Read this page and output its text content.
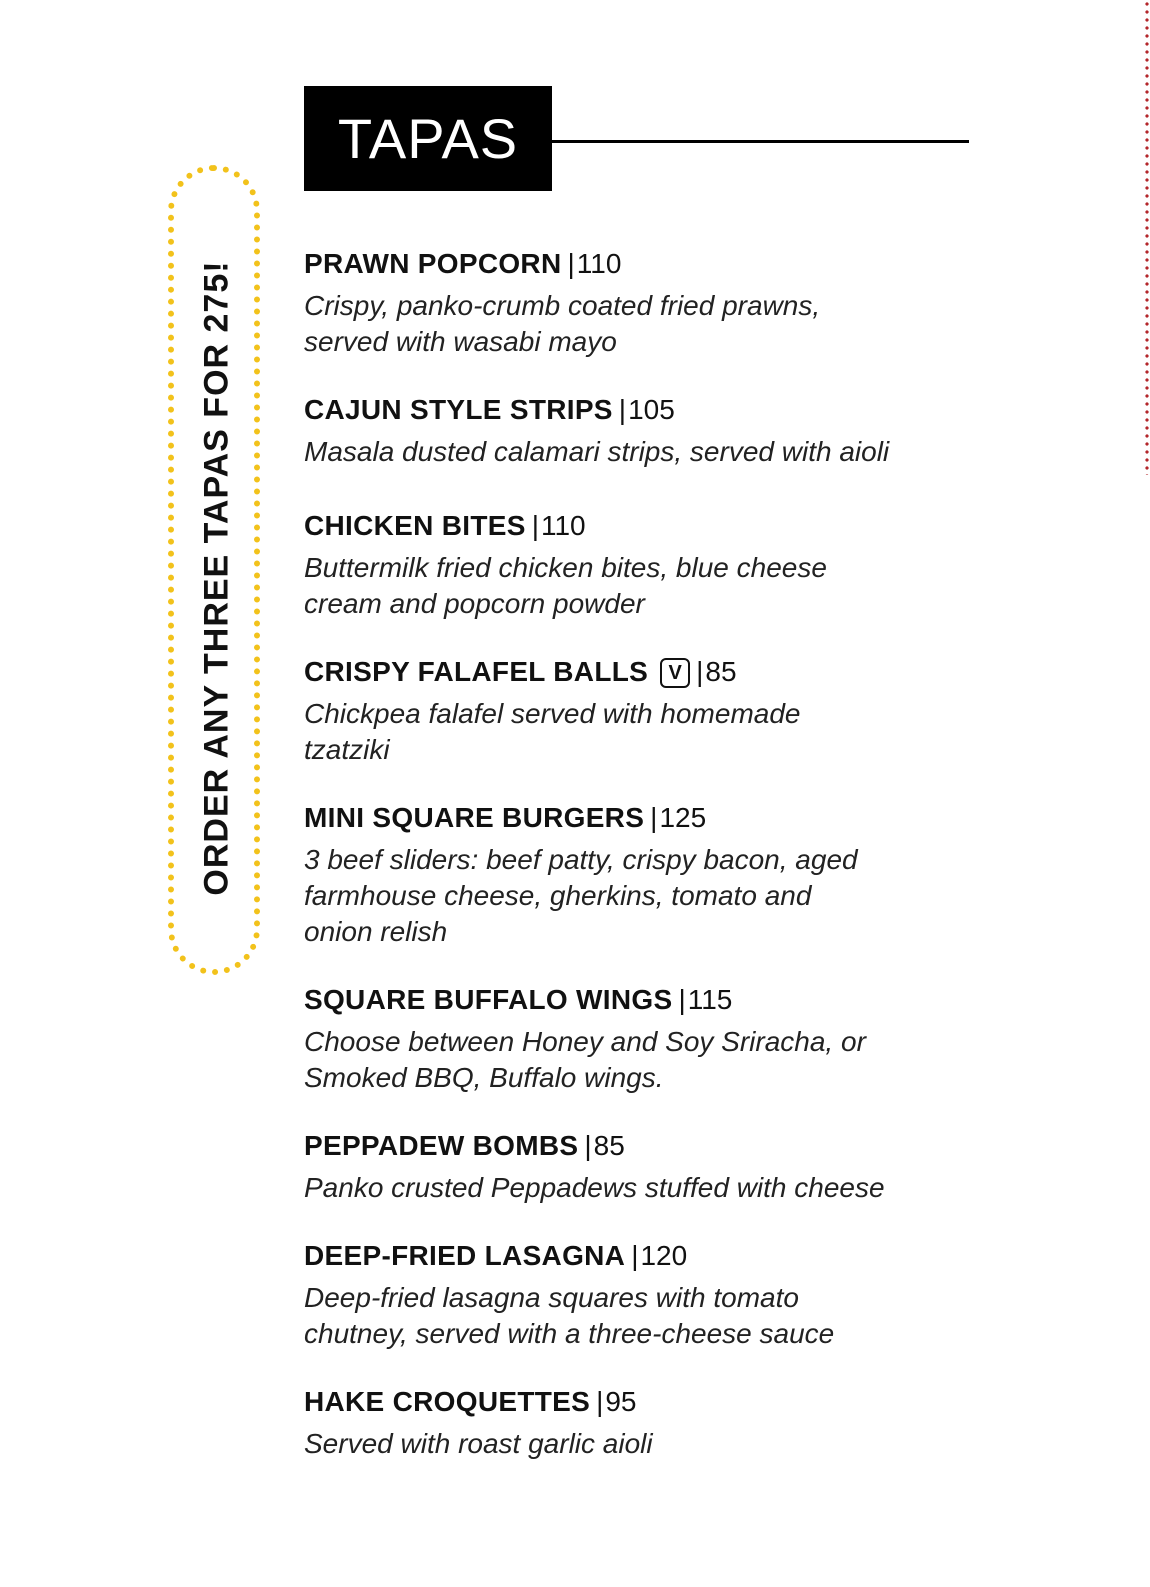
ORDER ANY THREE TAPAS FOR 275!
TAPAS
PRAWN POPCORN |110
Crispy, panko-crumb coated fried prawns,
served with wasabi mayo
CAJUN STYLE STRIPS |105
Masala dusted calamari strips, served with aioli
CHICKEN BITES |110
Buttermilk fried chicken bites, blue cheese
cream and popcorn powder
CRISPY FALAFEL BALLS V |85
Chickpea falafel served with homemade
tzatziki
MINI SQUARE BURGERS |125
3 beef sliders: beef patty, crispy bacon, aged
farmhouse cheese, gherkins, tomato and
onion relish
SQUARE BUFFALO WINGS |115
Choose between Honey and Soy Sriracha, or
Smoked BBQ, Buffalo wings.
PEPPADEW BOMBS |85
Panko crusted Peppadews stuffed with cheese
DEEP-FRIED LASAGNA |120
Deep-fried lasagna squares with tomato
chutney, served with a three-cheese sauce
HAKE CROQUETTES |95
Served with roast garlic aioli
